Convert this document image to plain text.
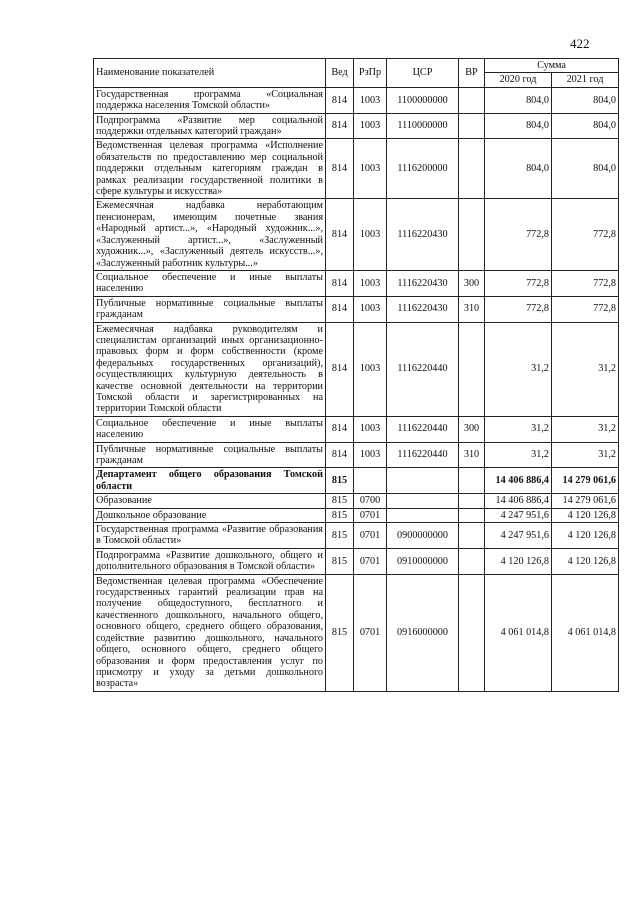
422
Наименование показателей	Вед	РзПр	ЦСР	ВР	Сумма	
					2020 год	2021 год
Государственная программа «Социальная поддержка населения Томской области»	814	1003	1100000000		804,0	804,0
Подпрограмма «Развитие мер социальной поддержки отдельных категорий граждан»	814	1003	1110000000		804,0	804,0
Ведомственная целевая программа «Исполнение обязательств по предоставлению мер социальной поддержки отдельным категориям граждан в рамках реализации государственной политики в сфере культуры и искусства»	814	1003	1116200000		804,0	804,0
Ежемесячная надбавка неработающим пенсионерам, имеющим почетные звания «Народный артист...», «Народный художник...», «Заслуженный артист...», «Заслуженный художник...», «Заслуженный деятель искусств...», «Заслуженный работник культуры...»	814	1003	1116220430		772,8	772,8
Социальное обеспечение и иные выплаты населению	814	1003	1116220430	300	772,8	772,8
Публичные нормативные социальные выплаты гражданам	814	1003	1116220430	310	772,8	772,8
Ежемесячная надбавка руководителям и специалистам организаций иных организационно-правовых форм и форм собственности (кроме федеральных государственных организаций), осуществляющих культурную деятельность в качестве основной деятельности на территории Томской области и зарегистрированных на территории Томской области	814	1003	1116220440		31,2	31,2
Социальное обеспечение и иные выплаты населению	814	1003	1116220440	300	31,2	31,2
Публичные нормативные социальные выплаты гражданам	814	1003	1116220440	310	31,2	31,2
Департамент общего образования Томской области	815				14 406 886,4	14 279 061,6
Образование	815	0700			14 406 886,4	14 279 061,6
Дошкольное образование	815	0701			4 247 951,6	4 120 126,8
Государственная программа «Развитие образования в Томской области»	815	0701	0900000000		4 247 951,6	4 120 126,8
Подпрограмма «Развитие дошкольного, общего и дополнительного образования в Томской области»	815	0701	0910000000		4 120 126,8	4 120 126,8
Ведомственная целевая программа «Обеспечение государственных гарантий реализации прав на получение общедоступного, бесплатного и качественного дошкольного, начального общего, основного общего, среднего общего образования, содействие развитию дошкольного, начального общего, основного общего, среднего общего образования и форм предоставления услуг по присмотру и уходу за детьми дошкольного возраста»	815	0701	0916000000		4 061 014,8	4 061 014,8
